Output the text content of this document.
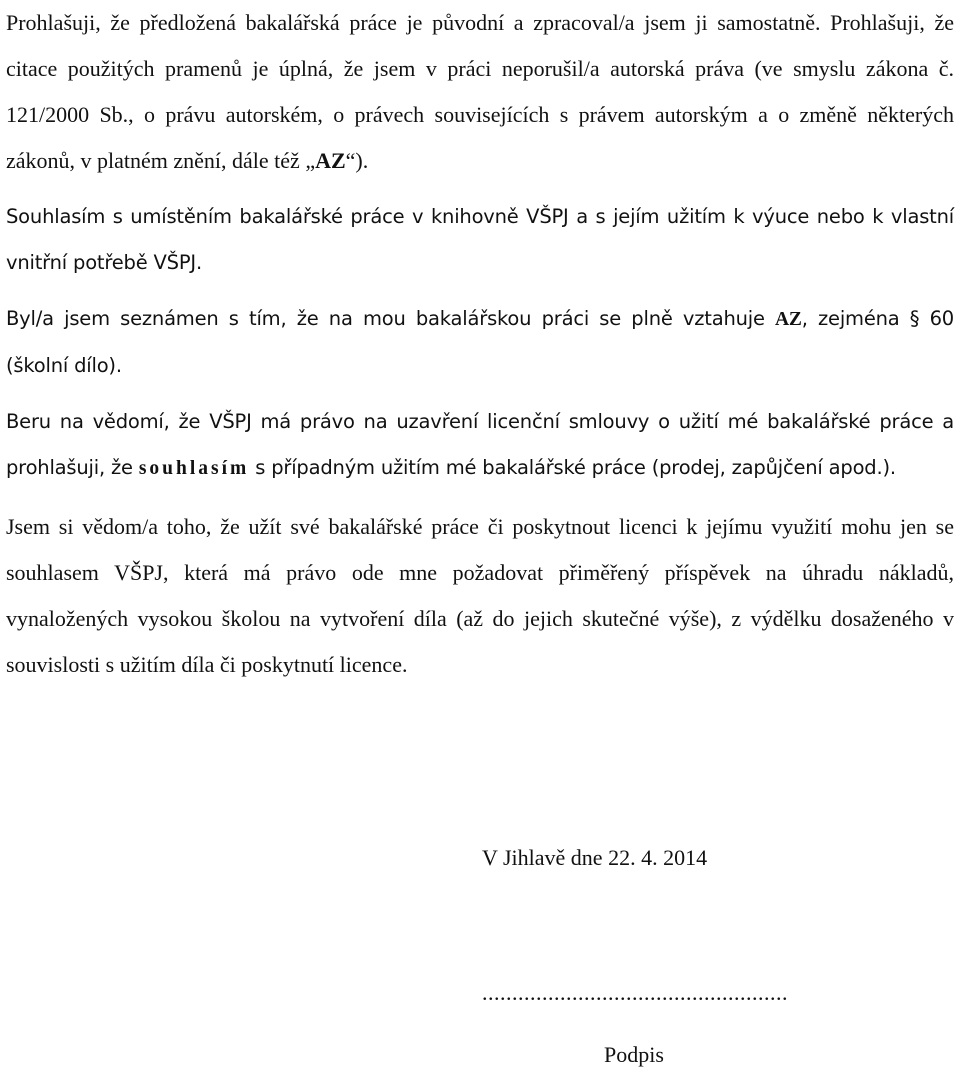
Prohlašuji, že předložená bakalářská práce je původní a zpracoval/a jsem ji samostatně. Prohlašuji, že citace použitých pramenů je úplná, že jsem v práci neporušil/a autorská práva (ve smyslu zákona č. 121/2000 Sb., o právu autorském, o právech souvisejících s právem autorským a o změně některých zákonů, v platném znění, dále též „AZ“).

Souhlasím s umístěním bakalářské práce v knihovně VŠPJ a s jejím užitím k výuce nebo k vlastní vnitřní potřebě VŠPJ.

Byl/a jsem seznámen s tím, že na mou bakalářskou práci se plně vztahuje AZ, zejména § 60 (školní dílo).

Beru na vědomí, že VŠPJ má právo na uzavření licenční smlouvy o užití mé bakalářské práce a prohlašuji, že souhlasím s případným užitím mé bakalářské práce (prodej, zapůjčení apod.).

Jsem si vědom/a toho, že užít své bakalářské práce či poskytnout licenci k jejímu využití mohu jen se souhlasem VŠPJ, která má právo ode mne požadovat přiměřený příspěvek na úhradu nákladů, vynaložených vysokou školou na vytvoření díla (až do jejich skutečné výše), z výdělku dosaženého v souvislosti s užitím díla či poskytnutí licence.

V Jihlavě dne 22. 4. 2014
...................................................
Podpis
